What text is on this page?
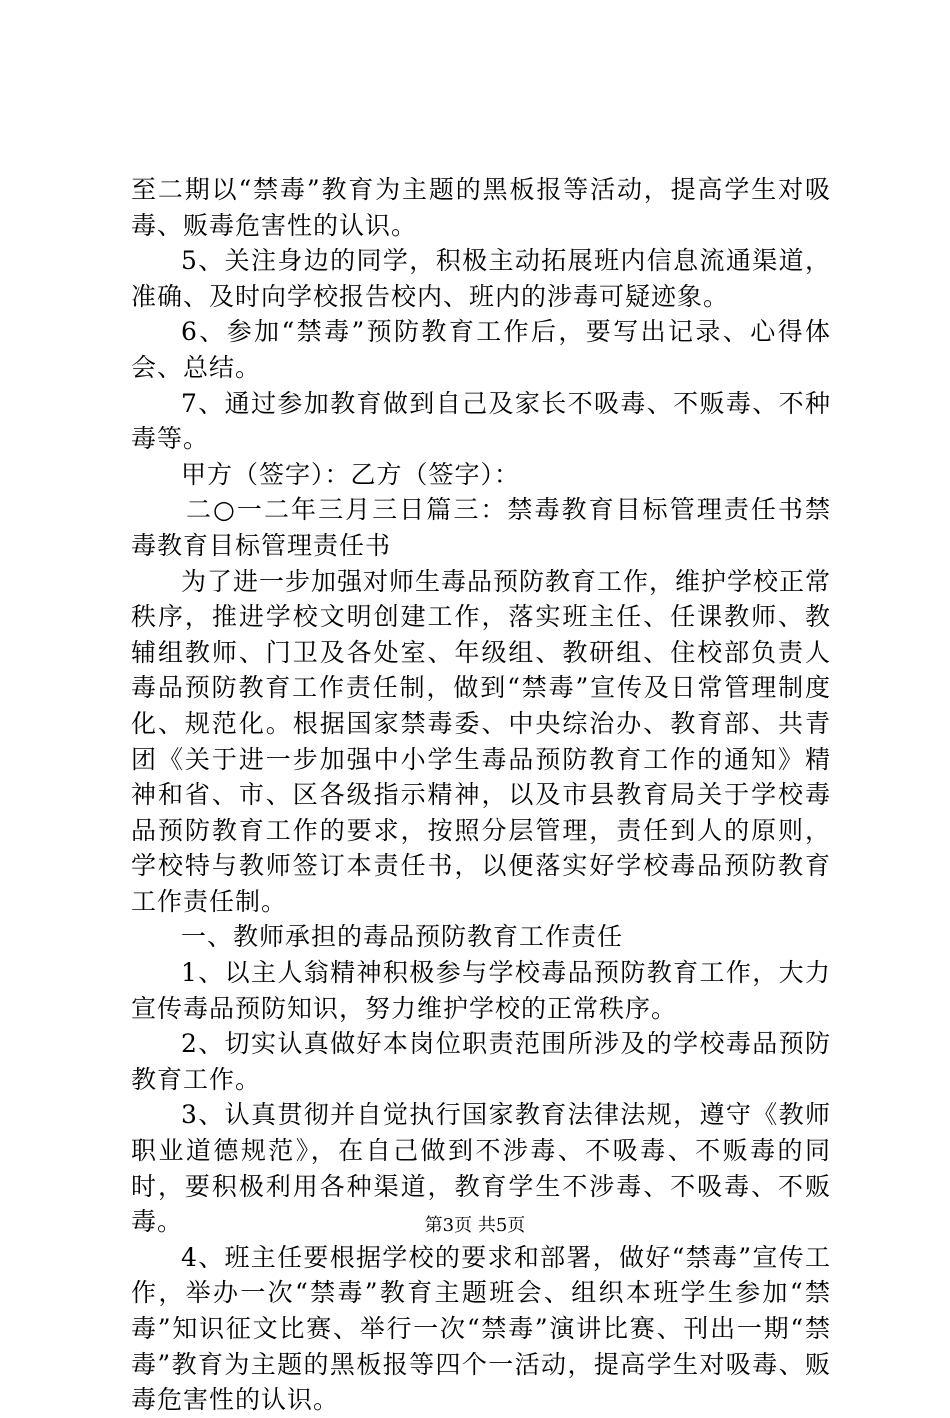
至二期以“禁毒”教育为主题的黑板报等活动，提高学生对吸毒、贩毒危害性的认识。

5、关注身边的同学，积极主动拓展班内信息流通渠道，准确、及时向学校报告校内、班内的涉毒可疑迹象。

6、参加“禁毒”预防教育工作后，要写出记录、心得体会、总结。

7、通过参加教育做到自己及家长不吸毒、不贩毒、不种毒等。

甲方（签字）：乙方（签字）：

二○一二年三月三日篇三：禁毒教育目标管理责任书禁毒教育目标管理责任书

为了进一步加强对师生毒品预防教育工作，维护学校正常秩序，推进学校文明创建工作，落实班主任、任课教师、教辅组教师、门卫及各处室、年级组、教研组、住校部负责人毒品预防教育工作责任制，做到“禁毒”宣传及日常管理制度化、规范化。根据国家禁毒委、中央综治办、教育部、共青团《关于进一步加强中小学生毒品预防教育工作的通知》精神和省、市、区各级指示精神，以及市县教育局关于学校毒品预防教育工作的要求，按照分层管理，责任到人的原则，学校特与教师签订本责任书，以便落实好学校毒品预防教育工作责任制。

一、教师承担的毒品预防教育工作责任

1、以主人翁精神积极参与学校毒品预防教育工作，大力宣传毒品预防知识，努力维护学校的正常秩序。

2、切实认真做好本岗位职责范围所涉及的学校毒品预防教育工作。

3、认真贯彻并自觉执行国家教育法律法规，遵守《教师职业道德规范》，在自己做到不涉毒、不吸毒、不贩毒的同时，要积极利用各种渠道，教育学生不涉毒、不吸毒、不贩毒。

4、班主任要根据学校的要求和部署，做好“禁毒”宣传工作，举办一次“禁毒”教育主题班会、组织本班学生参加“禁毒”知识征文比赛、举行一次“禁毒”演讲比赛、刊出一期“禁毒”教育为主题的黑板报等四个一活动，提高学生对吸毒、贩毒危害性的认识。

第3页 共5页
